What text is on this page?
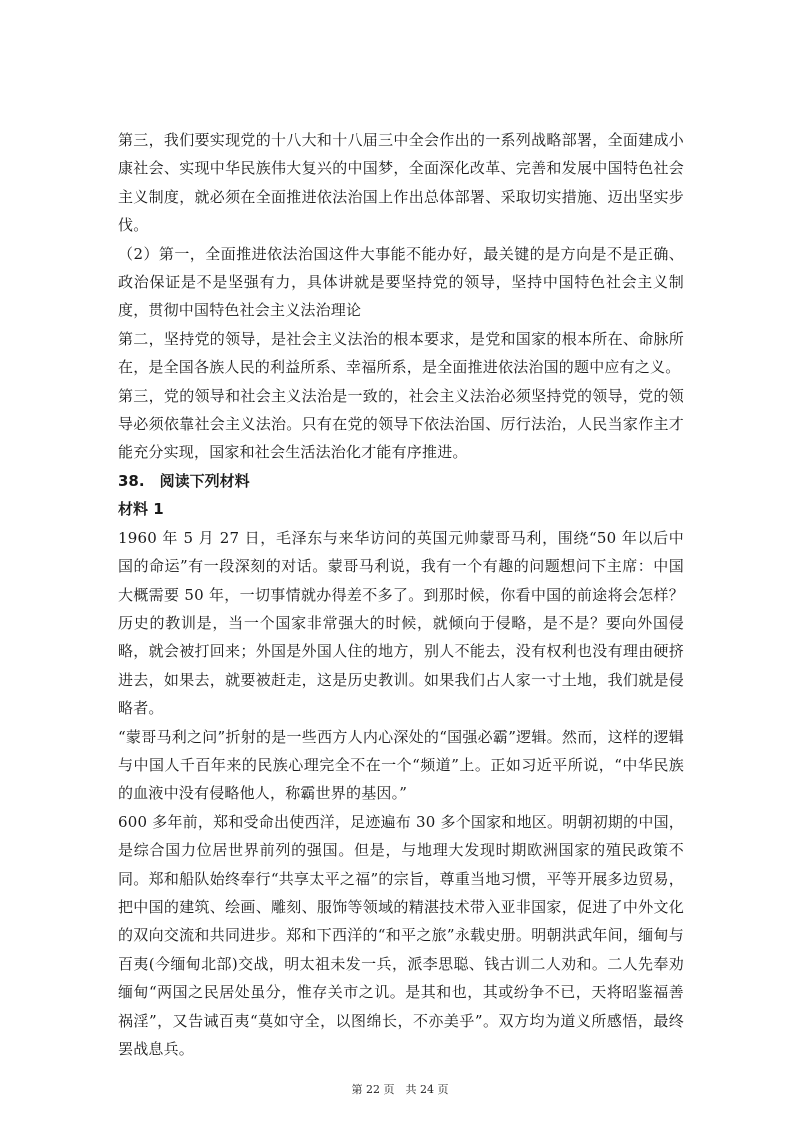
第三，我们要实现党的十八大和十八届三中全会作出的一系列战略部署，全面建成小康社会、实现中华民族伟大复兴的中国梦，全面深化改革、完善和发展中国特色社会主义制度，就必须在全面推进依法治国上作出总体部署、采取切实措施、迈出坚实步伐。

（2）第一，全面推进依法治国这件大事能不能办好，最关键的是方向是不是正确、政治保证是不是坚强有力，具体讲就是要坚持党的领导，坚持中国特色社会主义制度，贯彻中国特色社会主义法治理论

第二，坚持党的领导，是社会主义法治的根本要求，是党和国家的根本所在、命脉所在，是全国各族人民的利益所系、幸福所系，是全面推进依法治国的题中应有之义。

第三，党的领导和社会主义法治是一致的，社会主义法治必须坚持党的领导，党的领导必须依靠社会主义法治。只有在党的领导下依法治国、厉行法治，人民当家作主才能充分实现，国家和社会生活法治化才能有序推进。

38.　阅读下列材料

材料 1

1960 年 5 月 27 日，毛泽东与来华访问的英国元帅蒙哥马利，围绕“50 年以后中国的命运”有一段深刻的对话。蒙哥马利说，我有一个有趣的问题想问下主席：中国大概需要 50 年，一切事情就办得差不多了。到那时候，你看中国的前途将会怎样？历史的教训是，当一个国家非常强大的时候，就倾向于侵略，是不是？要向外国侵略，就会被打回来；外国是外国人住的地方，别人不能去，没有权利也没有理由硬挤进去，如果去，就要被赶走，这是历史教训。如果我们占人家一寸土地，我们就是侵略者。

“蒙哥马利之问”折射的是一些西方人内心深处的“国强必霸”逻辑。然而，这样的逻辑与中国人千百年来的民族心理完全不在一个“频道”上。正如习近平所说，“中华民族的血液中没有侵略他人，称霸世界的基因。”

600 多年前，郑和受命出使西洋，足迹遍布 30 多个国家和地区。明朝初期的中国，是综合国力位居世界前列的强国。但是，与地理大发现时期欧洲国家的殖民政策不同。郑和船队始终奉行“共享太平之福”的宗旨，尊重当地习惯，平等开展多边贸易，把中国的建筑、绘画、雕刻、服饰等领域的精湛技术带入亚非国家，促进了中外文化的双向交流和共同进步。郑和下西洋的“和平之旅”永载史册。明朝洪武年间，缅甸与百夷(今缅甸北部)交战，明太祖未发一兵，派李思聪、钱古训二人劝和。二人先奉劝缅甸“两国之民居处虽分，惟存关市之讥。是其和也，其或纷争不已，天将昭鉴福善祸淫”，又告诫百夷“莫如守全，以图绵长，不亦美乎”。双方均为道义所感悟，最终罢战息兵。

第 22 页　共 24 页
